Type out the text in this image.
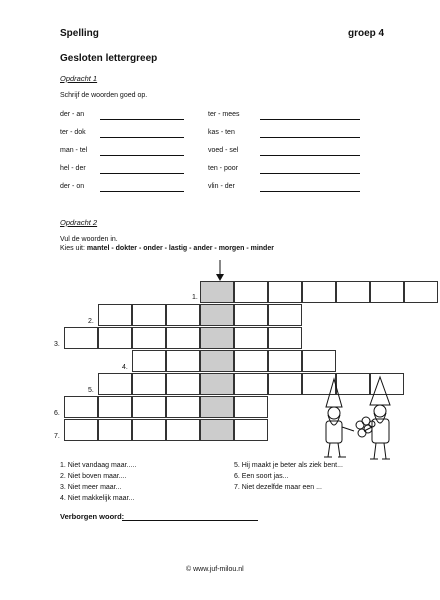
Spelling	groep 4
Gesloten lettergreep
Opdracht 1
Schrijf de woorden goed op.
der - an	ter - mees
ter - dok	kas - ten
man - tel	voed - sel
hel - der	ten - poor
der - on	vlin - der
Opdracht 2
Vul de woorden in.
Kies uit: mantel - dokter - onder - lastig - ander - morgen - minder
1.
2.
3.
4.
5.
6.
7.
1. Niet vandaag maar.....
2. Niet boven maar....
3. Niet meer maar...
4. Niet makkelijk maar...
5. Hij maakt je beter als ziek bent...
6. Een soort jas...
7. Niet dezelfde maar een ...
Verborgen woord:
© www.juf-milou.nl
